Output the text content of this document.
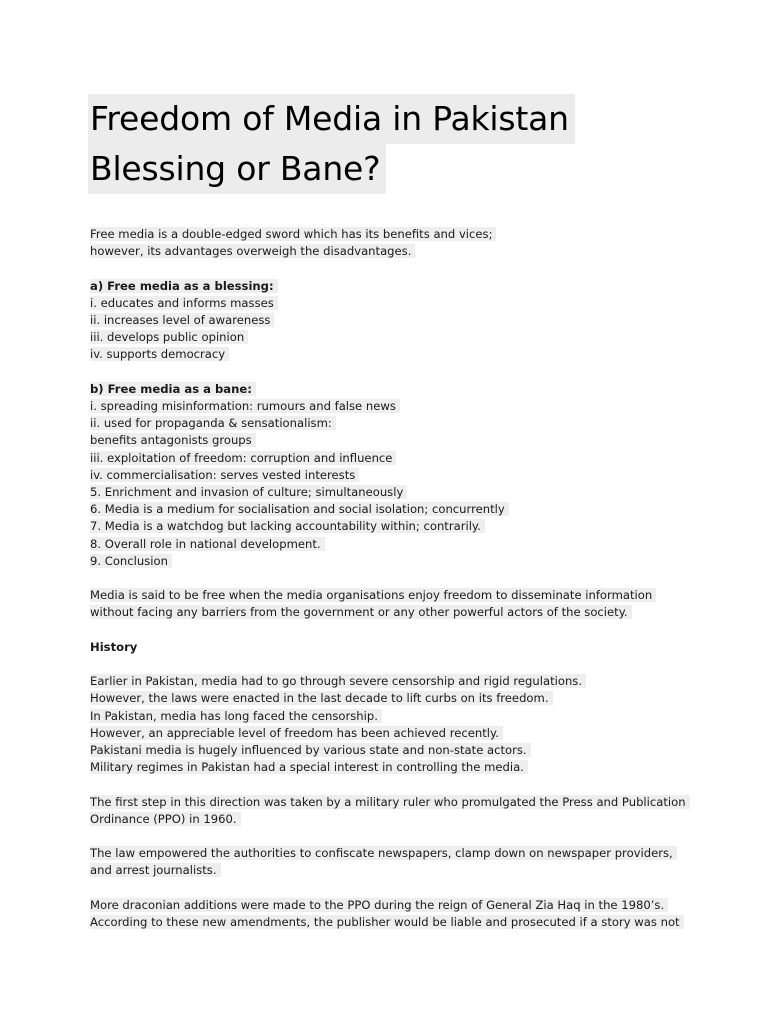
Freedom of Media in Pakistan
Blessing or Bane?
Free media is a double-edged sword which has its benefits and vices;
however, its advantages overweigh the disadvantages.
a) Free media as a blessing:
i. educates and informs masses
ii. increases level of awareness
iii. develops public opinion
iv. supports democracy
b) Free media as a bane:
i. spreading misinformation: rumours and false news
ii. used for propaganda & sensationalism:
benefits antagonists groups
iii. exploitation of freedom: corruption and influence
iv. commercialisation: serves vested interests
5. Enrichment and invasion of culture; simultaneously
6. Media is a medium for socialisation and social isolation; concurrently
7. Media is a watchdog but lacking accountability within; contrarily.
8. Overall role in national development.
9. Conclusion
Media is said to be free when the media organisations enjoy freedom to disseminate information
without facing any barriers from the government or any other powerful actors of the society.
History
Earlier in Pakistan, media had to go through severe censorship and rigid regulations.
However, the laws were enacted in the last decade to lift curbs on its freedom.
In Pakistan, media has long faced the censorship.
However, an appreciable level of freedom has been achieved recently.
Pakistani media is hugely influenced by various state and non-state actors.
Military regimes in Pakistan had a special interest in controlling the media.
The first step in this direction was taken by a military ruler who promulgated the Press and Publication
Ordinance (PPO) in 1960.
The law empowered the authorities to confiscate newspapers, clamp down on newspaper providers,
and arrest journalists.
More draconian additions were made to the PPO during the reign of General Zia Haq in the 1980’s.
According to these new amendments, the publisher would be liable and prosecuted if a story was not
